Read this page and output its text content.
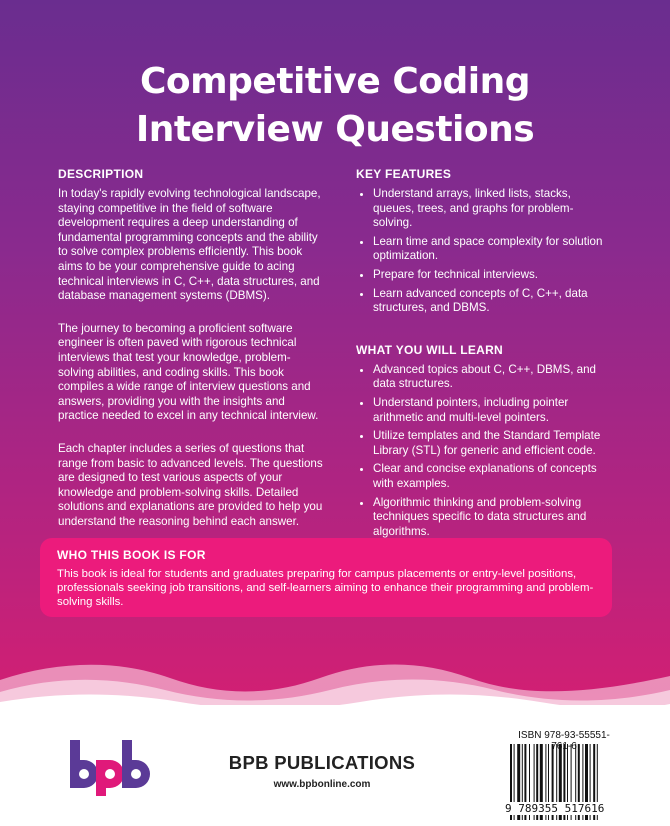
Competitive Coding
Interview Questions
DESCRIPTION

In today's rapidly evolving technological landscape, staying competitive in the field of software development requires a deep understanding of fundamental programming concepts and the ability to solve complex problems efficiently. This book aims to be your comprehensive guide to acing technical interviews in C, C++, data structures, and database management systems (DBMS).

The journey to becoming a proficient software engineer is often paved with rigorous technical interviews that test your knowledge, problem-solving abilities, and coding skills. This book compiles a wide range of interview questions and answers, providing you with the insights and practice needed to excel in any technical interview.

Each chapter includes a series of questions that range from basic to advanced levels. The questions are designed to test various aspects of your knowledge and problem-solving skills. Detailed solutions and explanations are provided to help you understand the reasoning behind each answer.

KEY FEATURES
• Understand arrays, linked lists, stacks, queues, trees, and graphs for problem-solving.
• Learn time and space complexity for solution optimization.
• Prepare for technical interviews.
• Learn advanced concepts of C, C++, data structures, and DBMS.
WHAT YOU WILL LEARN
• Advanced topics about C, C++, DBMS, and data structures.
• Understand pointers, including pointer arithmetic and multi-level pointers.
• Utilize templates and the Standard Template Library (STL) for generic and efficient code.
• Clear and concise explanations of concepts with examples.
• Algorithmic thinking and problem-solving techniques specific to data structures and algorithms.
WHO THIS BOOK IS FOR
This book is ideal for students and graduates preparing for campus placements or entry-level positions, professionals seeking job transitions, and self-learners aiming to enhance their programming and problem-solving skills.
BPB PUBLICATIONS
www.bpbonline.com
ISBN 978-93-55551-761-6
9 789355 517616
